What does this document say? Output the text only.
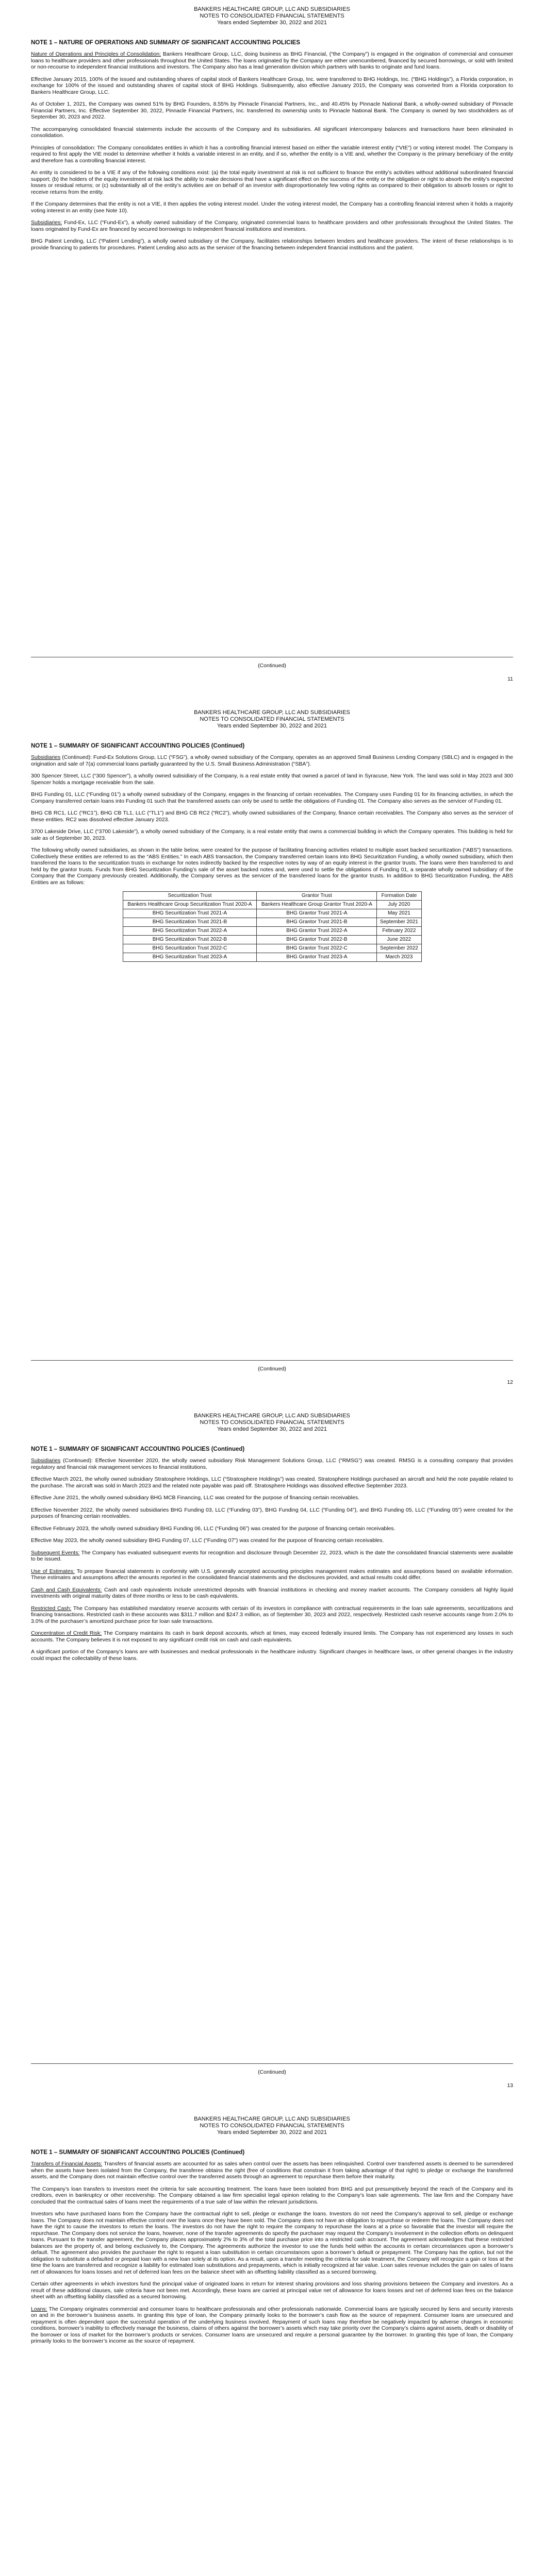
BANKERS HEALTHCARE GROUP, LLC AND SUBSIDIARIES
NOTES TO CONSOLIDATED FINANCIAL STATEMENTS
Years ended September 30, 2022 and 2021
NOTE 1 – NATURE OF OPERATIONS AND SUMMARY OF SIGNIFICANT ACCOUNTING POLICIES

Nature of Operations and Principles of Consolidation: Bankers Healthcare Group, LLC, doing business as BHG Financial, (“the Company”) is engaged in the origination of commercial and consumer loans to healthcare providers and other professionals throughout the United States. The loans originated by the Company are either unencumbered, financed by secured borrowings, or sold with limited or non-recourse to independent financial institutions and investors. The Company also has a lead generation division which partners with banks to originate and fund loans.

Effective January 2015, 100% of the issued and outstanding shares of capital stock of Bankers Healthcare Group, Inc. were transferred to BHG Holdings, Inc. (“BHG Holdings”), a Florida corporation, in exchange for 100% of the issued and outstanding shares of capital stock of BHG Holdings. Subsequently, also effective January 2015, the Company was converted from a Florida corporation to Bankers Healthcare Group, LLC.

As of October 1, 2021, the Company was owned 51% by BHG Founders, 8.55% by Pinnacle Financial Partners, Inc., and 40.45% by Pinnacle National Bank, a wholly-owned subsidiary of Pinnacle Financial Partners, Inc. Effective September 30, 2022, Pinnacle Financial Partners, Inc. transferred its ownership units to Pinnacle National Bank. The Company is owned by two stockholders as of September 30, 2023 and 2022.

The accompanying consolidated financial statements include the accounts of the Company and its subsidiaries. All significant intercompany balances and transactions have been eliminated in consolidation.

Principles of consolidation: The Company consolidates entities in which it has a controlling financial interest based on either the variable interest entity (“VIE”) or voting interest model. The Company is required to first apply the VIE model to determine whether it holds a variable interest in an entity, and if so, whether the entity is a VIE and, whether the Company is the primary beneficiary of the entity and therefore has a controlling financial interest.

An entity is considered to be a VIE if any of the following conditions exist: (a) the total equity investment at risk is not sufficient to finance the entity’s activities without additional subordinated financial support; (b) the holders of the equity investment at risk lack the ability to make decisions that have a significant effect on the success of the entity or the obligation or right to absorb the entity’s expected losses or residual returns; or (c) substantially all of the entity’s activities are on behalf of an investor with disproportionately few voting rights as compared to their obligation to absorb losses or right to receive returns from the entity.

If the Company determines that the entity is not a VIE, it then applies the voting interest model. Under the voting interest model, the Company has a controlling financial interest when it holds a majority voting interest in an entity (see Note 10).

Subsidiaries: Fund-Ex, LLC (“Fund-Ex”), a wholly owned subsidiary of the Company, originated commercial loans to healthcare providers and other professionals throughout the United States. The loans originated by Fund-Ex are financed by secured borrowings to independent financial institutions and investors.

BHG Patient Lending, LLC (“Patient Lending”), a wholly owned subsidiary of the Company, facilitates relationships between lenders and healthcare providers. The intent of these relationships is to provide financing to patients for procedures. Patient Lending also acts as the servicer of the financing between independent financial institutions and the patient.

(Continued)
11
BANKERS HEALTHCARE GROUP, LLC AND SUBSIDIARIES
NOTES TO CONSOLIDATED FINANCIAL STATEMENTS
Years ended September 30, 2022 and 2021
NOTE 1 – SUMMARY OF SIGNIFICANT ACCOUNTING POLICIES (Continued)

Subsidiaries (Continued): Fund-Ex Solutions Group, LLC (“FSG”), a wholly owned subsidiary of the Company, operates as an approved Small Business Lending Company (SBLC) and is engaged in the origination and sale of 7(a) commercial loans partially guaranteed by the U.S. Small Business Administration (“SBA”).

300 Spencer Street, LLC (“300 Spencer”), a wholly owned subsidiary of the Company, is a real estate entity that owned a parcel of land in Syracuse, New York. The land was sold in May 2023 and 300 Spencer holds a mortgage receivable from the sale.

BHG Funding 01, LLC (“Funding 01”) a wholly owned subsidiary of the Company, engages in the financing of certain receivables. The Company uses Funding 01 for its financing activities, in which the Company transferred certain loans into Funding 01 such that the transferred assets can only be used to settle the obligations of Funding 01. The Company also serves as the servicer of Funding 01.

BHG CB RC1, LLC (“RC1”), BHG CB TL1, LLC (“TL1”) and BHG CB RC2 (“RC2”), wholly owned subsidiaries of the Company, finance certain receivables. The Company also serves as the servicer of these entities. RC2 was dissolved effective January 2023.

3700 Lakeside Drive, LLC (“3700 Lakeside”), a wholly owned subsidiary of the Company, is a real estate entity that owns a commercial building in which the Company operates. This building is held for sale as of September 30, 2023.

The following wholly owned subsidiaries, as shown in the table below, were created for the purpose of facilitating financing activities related to multiple asset backed securitization (“ABS”) transactions. Collectively these entities are referred to as the “ABS Entities.” In each ABS transaction, the Company transferred certain loans into BHG Securitization Funding, a wholly owned subsidiary, which then transferred the loans to the securitization trusts in exchange for notes indirectly backed by the respective notes by way of an equity interest in the grantor trusts. The loans were then transferred to and held by the grantor trusts. Funds from BHG Securitization Funding’s sale of the asset backed notes and, were used to settle the obligations of Funding 01, a separate wholly owned subsidiary of the Company that the Company previously created. Additionally, the Company serves as the servicer of the transferred loans for the grantor trusts. In addition to BHG Securitization Funding, the ABS Entities are as follows:

Securitization Trust	Grantor Trust	Formation Date
Bankers Healthcare Group Securitization Trust 2020-A	Bankers Healthcare Group Grantor Trust 2020-A	July 2020
BHG Securitization Trust 2021-A	BHG Grantor Trust 2021-A	May 2021
BHG Securitization Trust 2021-B	BHG Grantor Trust 2021-B	September 2021
BHG Securitization Trust 2022-A	BHG Grantor Trust 2022-A	February 2022
BHG Securitization Trust 2022-B	BHG Grantor Trust 2022-B	June 2022
BHG Securitization Trust 2022-C	BHG Grantor Trust 2022-C	September 2022
BHG Securitization Trust 2023-A	BHG Grantor Trust 2023-A	March 2023
(Continued)
12
BANKERS HEALTHCARE GROUP, LLC AND SUBSIDIARIES
NOTES TO CONSOLIDATED FINANCIAL STATEMENTS
Years ended September 30, 2022 and 2021
NOTE 1 – SUMMARY OF SIGNIFICANT ACCOUNTING POLICIES (Continued)

Subsidiaries (Continued): Effective November 2020, the wholly owned subsidiary Risk Management Solutions Group, LLC (“RMSG”) was created. RMSG is a consulting company that provides regulatory and financial risk management services to financial institutions.

Effective March 2021, the wholly owned subsidiary Stratosphere Holdings, LLC (“Stratosphere Holdings”) was created. Stratosphere Holdings purchased an aircraft and held the note payable related to the purchase. The aircraft was sold in March 2023 and the related note payable was paid off. Stratosphere Holdings was dissolved effective September 2023.

Effective June 2021, the wholly owned subsidiary BHG MCB Financing, LLC was created for the purpose of financing certain receivables.

Effective November 2022, the wholly owned subsidiaries BHG Funding 03, LLC (“Funding 03”), BHG Funding 04, LLC (“Funding 04”), and BHG Funding 05, LLC (“Funding 05”) were created for the purposes of financing certain receivables.

Effective February 2023, the wholly owned subsidiary BHG Funding 06, LLC (“Funding 06”) was created for the purpose of financing certain receivables.

Effective May 2023, the wholly owned subsidiary BHG Funding 07, LLC (“Funding 07”) was created for the purpose of financing certain receivables.

Subsequent Events: The Company has evaluated subsequent events for recognition and disclosure through December 22, 2023, which is the date the consolidated financial statements were available to be issued.

Use of Estimates: To prepare financial statements in conformity with U.S. generally accepted accounting principles management makes estimates and assumptions based on available information. These estimates and assumptions affect the amounts reported in the consolidated financial statements and the disclosures provided, and actual results could differ.

Cash and Cash Equivalents: Cash and cash equivalents include unrestricted deposits with financial institutions in checking and money market accounts. The Company considers all highly liquid investments with original maturity dates of three months or less to be cash equivalents.

Restricted Cash: The Company has established mandatory reserve accounts with certain of its investors in compliance with contractual requirements in the loan sale agreements, securitizations and financing transactions. Restricted cash in these accounts was $311.7 million and $247.3 million, as of September 30, 2023 and 2022, respectively. Restricted cash reserve accounts range from 2.0% to 3.0% of the purchaser’s amortized purchase price for loan sale transactions.

Concentration of Credit Risk: The Company maintains its cash in bank deposit accounts, which at times, may exceed federally insured limits. The Company has not experienced any losses in such accounts. The Company believes it is not exposed to any significant credit risk on cash and cash equivalents.

A significant portion of the Company’s loans are with businesses and medical professionals in the healthcare industry. Significant changes in healthcare laws, or other general changes in the industry could impact the collectability of these loans.

(Continued)
13
BANKERS HEALTHCARE GROUP, LLC AND SUBSIDIARIES
NOTES TO CONSOLIDATED FINANCIAL STATEMENTS
Years ended September 30, 2022 and 2021
NOTE 1 – SUMMARY OF SIGNIFICANT ACCOUNTING POLICIES (Continued)

Transfers of Financial Assets: Transfers of financial assets are accounted for as sales when control over the assets has been relinquished. Control over transferred assets is deemed to be surrendered when the assets have been isolated from the Company, the transferee obtains the right (free of conditions that constrain it from taking advantage of that right) to pledge or exchange the transferred assets, and the Company does not maintain effective control over the transferred assets through an agreement to repurchase them before their maturity.

The Company’s loan transfers to investors meet the criteria for sale accounting treatment. The loans have been isolated from BHG and put presumptively beyond the reach of the Company and its creditors, even in bankruptcy or other receivership. The Company obtained a law firm specialist legal opinion relating to the Company’s loan sale agreements. The law firm and the Company have concluded that the contractual sales of loans meet the requirements of a true sale of law within the relevant jurisdictions.

Investors who have purchased loans from the Company have the contractual right to sell, pledge or exchange the loans. Investors do not need the Company’s approval to sell, pledge or exchange loans. The Company does not maintain effective control over the loans once they have been sold. The Company does not have an obligation to repurchase or redeem the loans. The Company does not have the right to cause the investors to return the loans. The investors do not have the right to require the company to repurchase the loans at a price so favorable that the investor will require the repurchase. The Company does not service the loans, however, none of the transfer agreements do specify the purchaser may request the Company’s involvement in the collection efforts on delinquent loans. Pursuant to the transfer agreement, the Company places approximately 2% to 3% of the total purchase price into a restricted cash account. The agreement acknowledges that these restricted balances are the property of, and belong exclusively to, the Company. The agreements authorize the investor to use the funds held within the accounts in certain circumstances upon a borrower’s default. The agreement also provides the purchaser the right to request a loan substitution in certain circumstances upon a borrower’s default or prepayment. The Company has the option, but not the obligation to substitute a defaulted or prepaid loan with a new loan solely at its option. As a result, upon a transfer meeting the criteria for sale treatment, the Company will recognize a gain or loss at the time the loans are transferred and recognize a liability for estimated loan substitutions and prepayments, which is initially recognized at fair value. Loan sales revenue includes the gain on sales of loans net of allowances for loans losses and net of deferred loan fees on the balance sheet with an offsetting liability classified as a secured borrowing.

Certain other agreements in which investors fund the principal value of originated loans in return for interest sharing provisions and loss sharing provisions between the Company and investors. As a result of these additional clauses, sale criteria have not been met. Accordingly, these loans are carried at principal value net of allowance for loans losses and net of deferred loan fees on the balance sheet with an offsetting liability classified as a secured borrowing.

Loans: The Company originates commercial and consumer loans to healthcare professionals and other professionals nationwide. Commercial loans are typically secured by liens and security interests on and in the borrower’s business assets. In granting this type of loan, the Company primarily looks to the borrower’s cash flow as the source of repayment. Consumer loans are unsecured and repayment is often dependent upon the successful operation of the underlying business involved. Repayment of such loans may therefore be negatively impacted by adverse changes in economic conditions, borrower’s inability to effectively manage the business, claims of others against the borrower’s assets which may take priority over the Company’s claims against assets, death or disability of the borrower or loss of market for the borrower’s products or services. Consumer loans are unsecured and require a personal guarantee by the borrower. In granting this type of loan, the Company primarily looks to the borrower’s income as the source of repayment.
